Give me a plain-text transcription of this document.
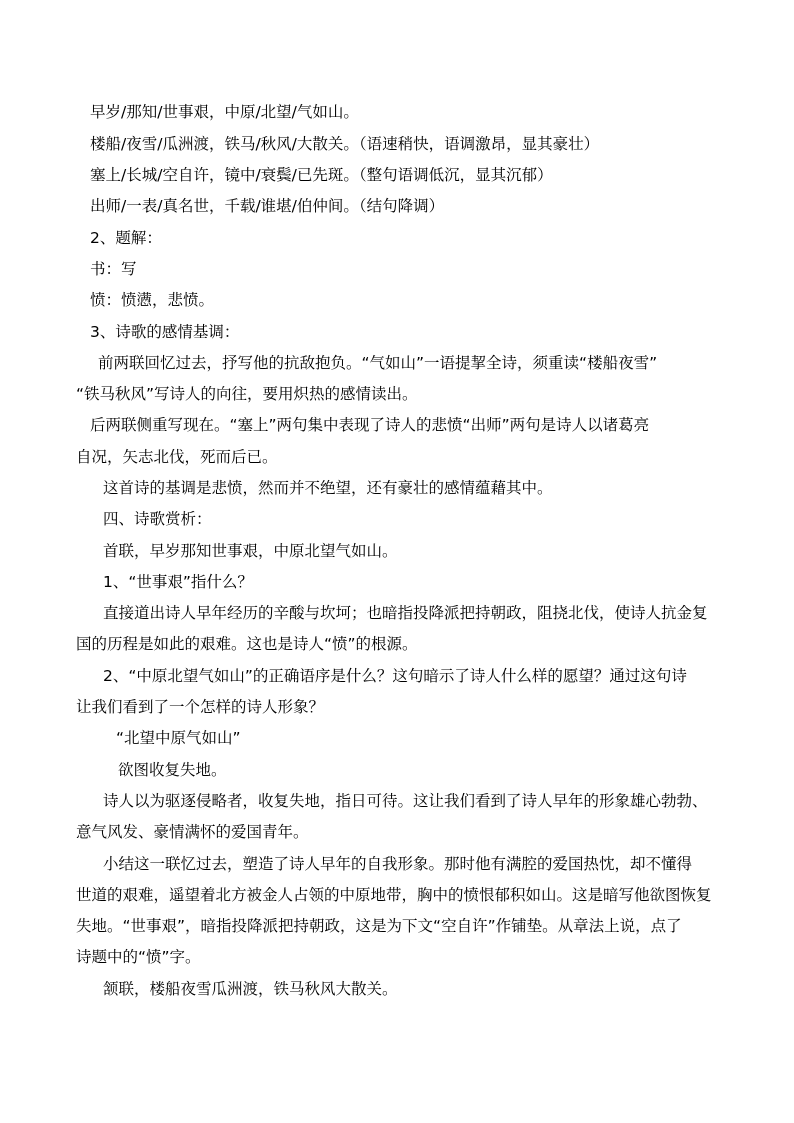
早岁/那知/世事艰，中原/北望/气如山。

楼船/夜雪/瓜洲渡，铁马/秋风/大散关。（语速稍快，语调激昂，显其豪壮）

塞上/长城/空自许，镜中/衰鬓/已先斑。（整句语调低沉，显其沉郁）

出师/一表/真名世，千载/谁堪/伯仲间。（结句降调）

2、题解：

书：写

愤：愤懑，悲愤。

3、诗歌的感情基调：

前两联回忆过去，抒写他的抗敌抱负。“气如山”一语提挈全诗，须重读“楼船夜雪”

“铁马秋风”写诗人的向往，要用炽热的感情读出。

后两联侧重写现在。“塞上”两句集中表现了诗人的悲愤“出师”两句是诗人以诸葛亮

自况，矢志北伐，死而后已。

这首诗的基调是悲愤，然而并不绝望，还有豪壮的感情蕴藉其中。

四、诗歌赏析：

首联，早岁那知世事艰，中原北望气如山。

1、“世事艰”指什么？

直接道出诗人早年经历的辛酸与坎坷；也暗指投降派把持朝政，阻挠北伐，使诗人抗金复

国的历程是如此的艰难。这也是诗人“愤”的根源。

2、“中原北望气如山”的正确语序是什么？这句暗示了诗人什么样的愿望？通过这句诗

让我们看到了一个怎样的诗人形象？

“北望中原气如山”

欲图收复失地。

诗人以为驱逐侵略者，收复失地，指日可待。这让我们看到了诗人早年的形象雄心勃勃、

意气风发、豪情满怀的爱国青年。

小结这一联忆过去，塑造了诗人早年的自我形象。那时他有满腔的爱国热忱，却不懂得

世道的艰难，遥望着北方被金人占领的中原地带，胸中的愤恨郁积如山。这是暗写他欲图恢复

失地。“世事艰”，暗指投降派把持朝政，这是为下文“空自许”作铺垫。从章法上说，点了

诗题中的“愤”字。

颔联，楼船夜雪瓜洲渡，铁马秋风大散关。
